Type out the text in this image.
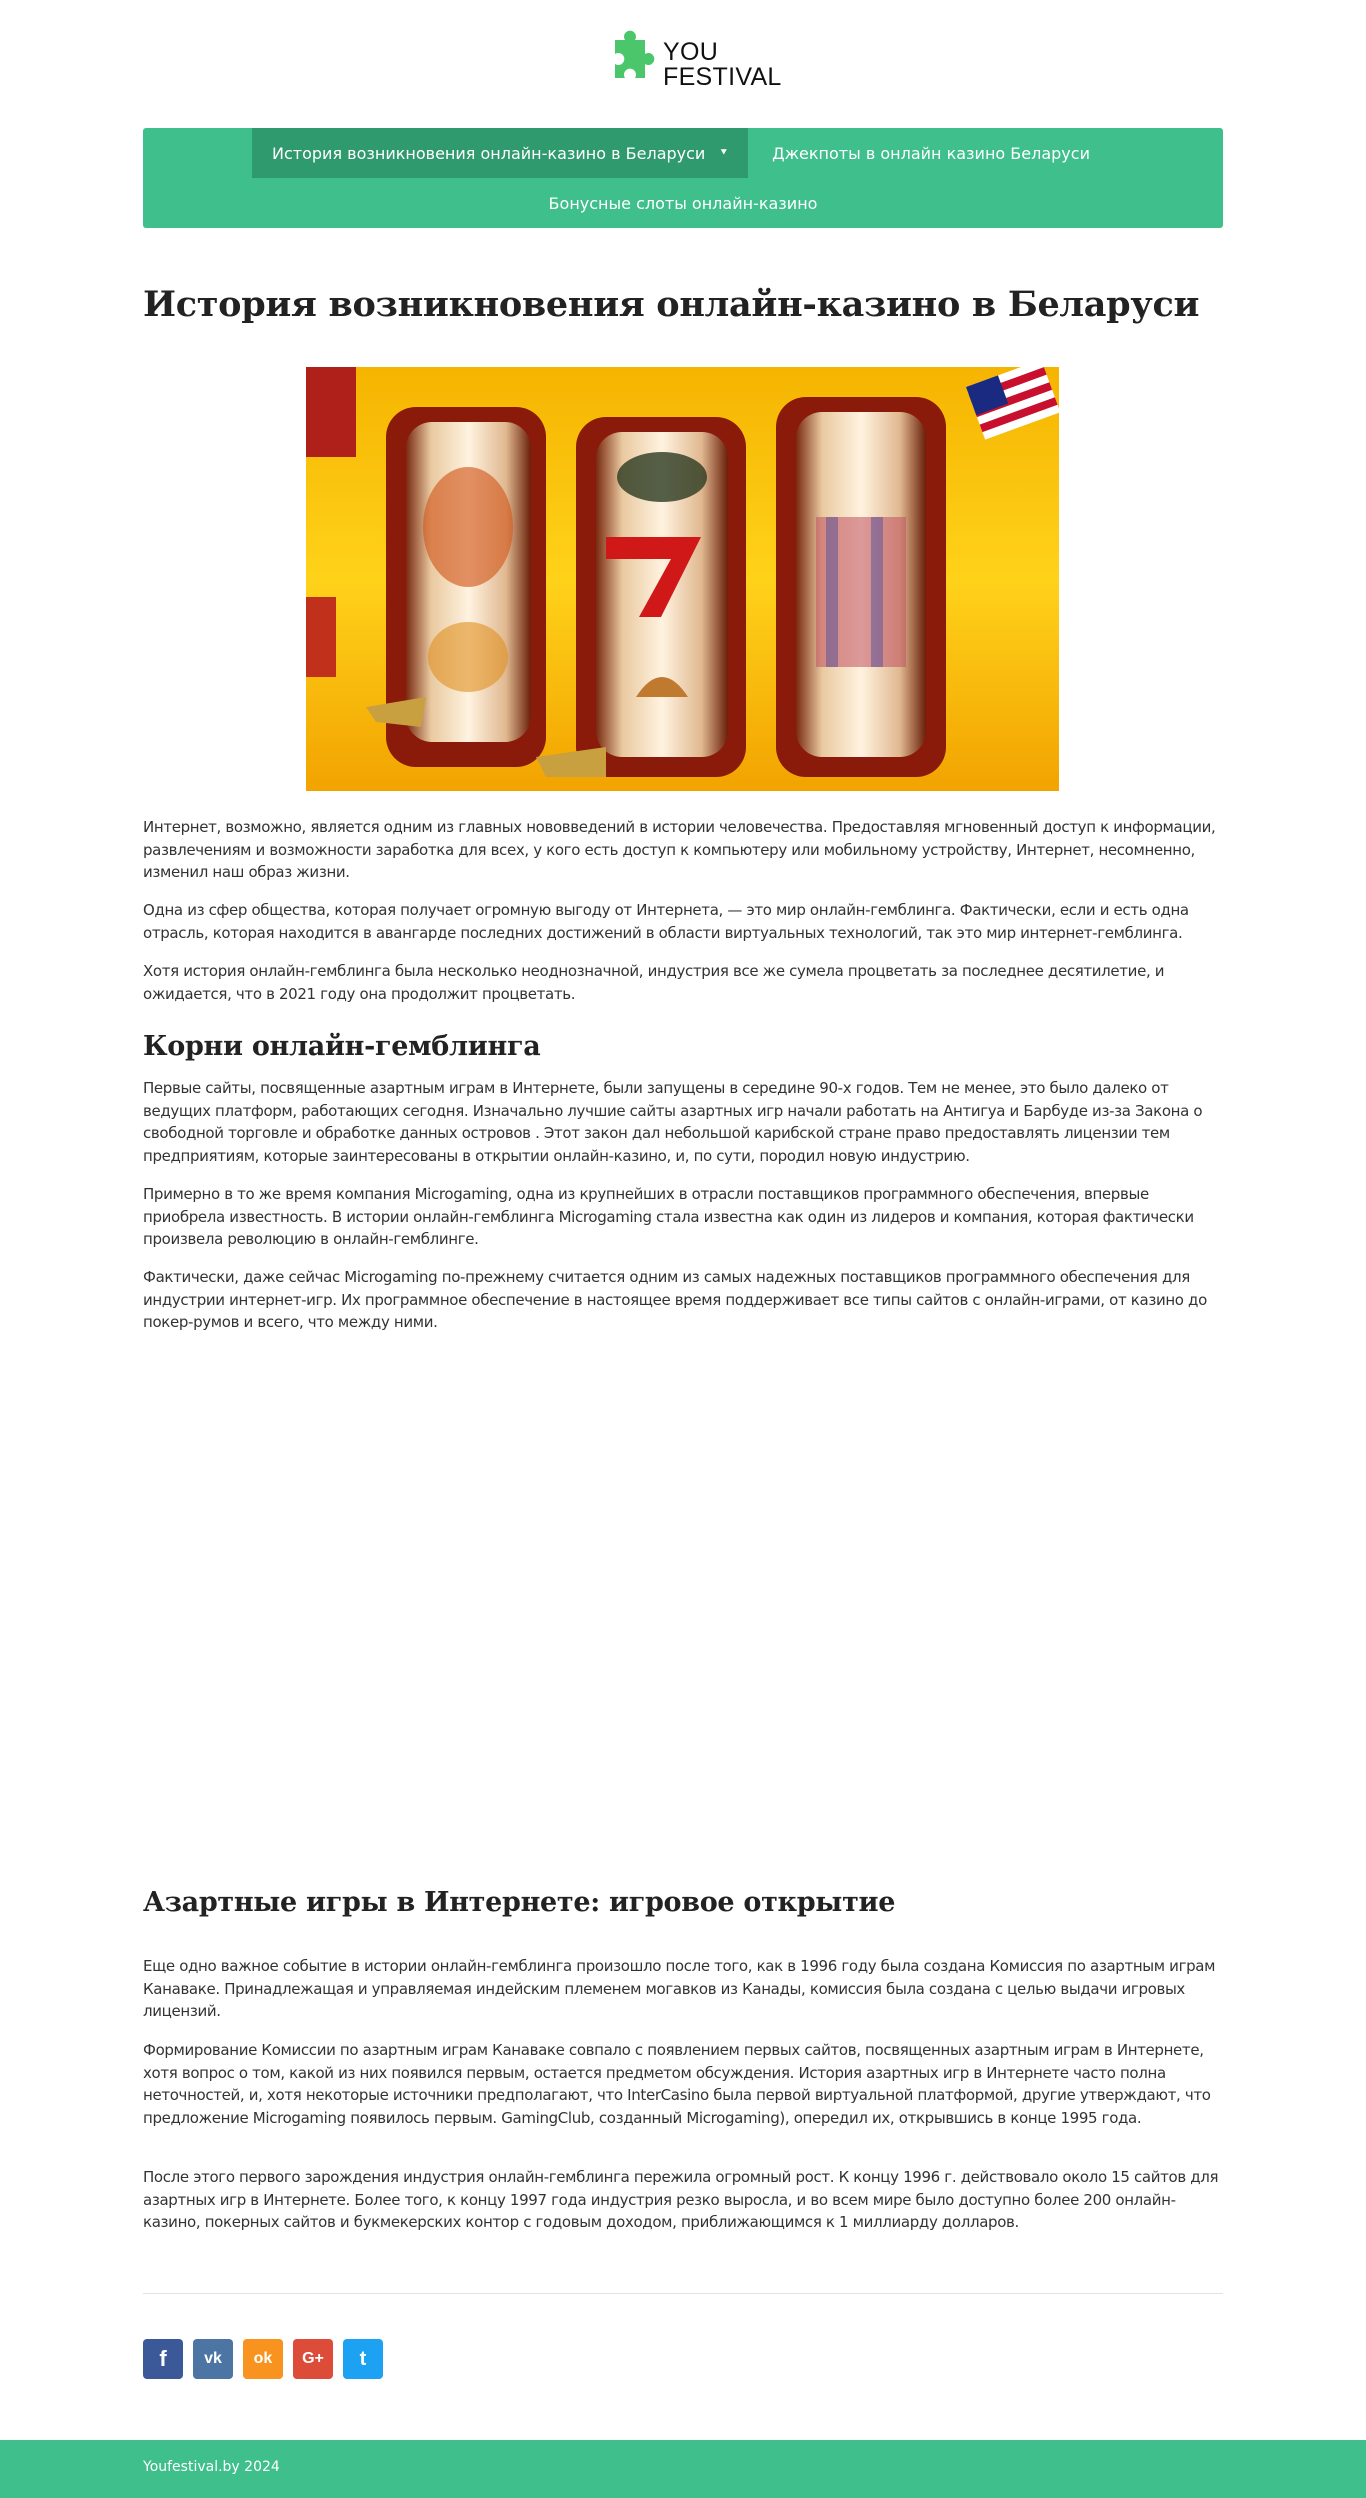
YOU
FESTIVAL
История возникновения онлайн-казино в Беларуси ⯆	Джекпоты в онлайн казино Беларуси
Бонусные слоты онлайн-казино
История возникновения онлайн-казино в Беларуси

Интернет, возможно, является одним из главных нововведений в истории человечества. Предоставляя мгновенный доступ к информации, развлечениям и возможности заработка для всех, у кого есть доступ к компьютеру или мобильному устройству, Интернет, несомненно, изменил наш образ жизни.

Одна из сфер общества, которая получает огромную выгоду от Интернета, — это мир онлайн-гемблинга. Фактически, если и есть одна отрасль, которая находится в авангарде последних достижений в области виртуальных технологий, так это мир интернет-гемблинга.

Хотя история онлайн-гемблинга была несколько неоднозначной, индустрия все же сумела процветать за последнее десятилетие, и ожидается, что в 2021 году она продолжит процветать.

Корни онлайн-гемблинга

Первые сайты, посвященные азартным играм в Интернете, были запущены в середине 90-х годов. Тем не менее, это было далеко от ведущих платформ, работающих сегодня. Изначально лучшие сайты азартных игр начали работать на Антигуа и Барбуде из-за Закона о свободной торговле и обработке данных островов . Этот закон дал небольшой карибской стране право предоставлять лицензии тем предприятиям, которые заинтересованы в открытии онлайн-казино, и, по сути, породил новую индустрию.

Примерно в то же время компания Microgaming, одна из крупнейших в отрасли поставщиков программного обеспечения, впервые приобрела известность. В истории онлайн-гемблинга Microgaming стала известна как один из лидеров и компания, которая фактически произвела революцию в онлайн-гемблинге.

Фактически, даже сейчас Microgaming по-прежнему считается одним из самых надежных поставщиков программного обеспечения для индустрии интернет-игр. Их программное обеспечение в настоящее время поддерживает все типы сайтов с онлайн-играми, от казино до покер-румов и всего, что между ними.

Азартные игры в Интернете: игровое открытие

Еще одно важное событие в истории онлайн-гемблинга произошло после того, как в 1996 году была создана Комиссия по азартным играм Канаваке. Принадлежащая и управляемая индейским племенем могавков из Канады, комиссия была создана с целью выдачи игровых лицензий.

Формирование Комиссии по азартным играм Канаваке совпало с появлением первых сайтов, посвященных азартным играм в Интернете, хотя вопрос о том, какой из них появился первым, остается предметом обсуждения. История азартных игр в Интернете часто полна неточностей, и, хотя некоторые источники предполагают, что InterCasino была первой виртуальной платформой, другие утверждают, что предложение Microgaming появилось первым. GamingClub, созданный Microgaming), опередил их, открывшись в конце 1995 года.

После этого первого зарождения индустрия онлайн-гемблинга пережила огромный рост. К концу 1996 г. действовало около 15 сайтов для азартных игр в Интернете. Более того, к концу 1997 года индустрия резко выросла, и во всем мире было доступно более 200 онлайн-казино, покерных сайтов и букмекерских контор с годовым доходом, приближающимся к 1 миллиарду долларов.

f	vk	ok	G+	t
Youfestival.by 2024
